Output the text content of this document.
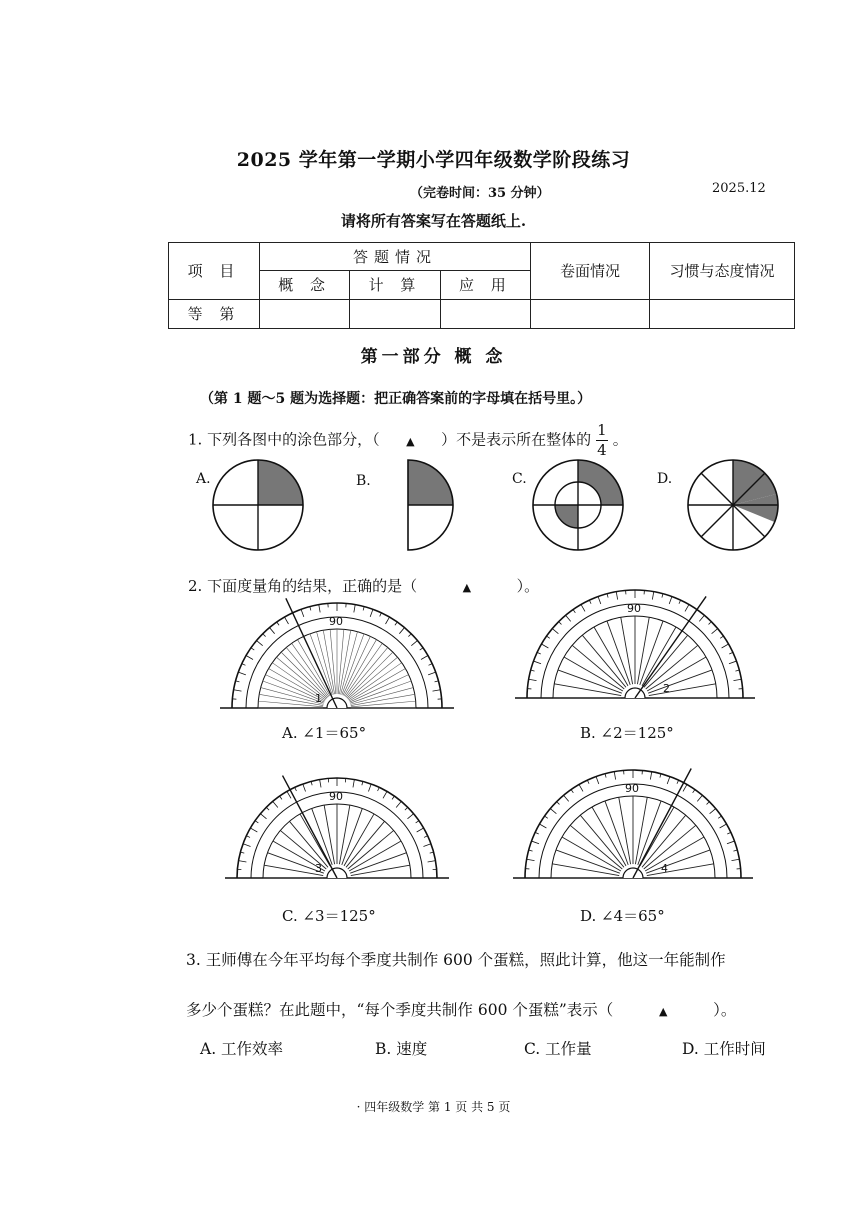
2025 学年第一学期小学四年级数学阶段练习
（完卷时间：35 分钟）	2025.12
请将所有答案写在答题纸上.
项 目	答题情况			卷面情况	习惯与态度情况
	概 念	计 算	应 用		
等 第					
第一部分 概 念
（第 1 题～5 题为选择题：把正确答案前的字母填在括号里。）
1. 下列各图中的涂色部分，（ ▲ ）不是表示所在整体的 $\frac{1}{4}$ 。
A.	B.	C.	D.
2. 下面度量角的结果，正确的是（	▲	）。
90
1
90
2
90
3
90
4
A. ∠1＝65°	B. ∠2＝125°
C. ∠3＝125°	D. ∠4＝65°
3. 王师傅在今年平均每个季度共制作 600 个蛋糕，照此计算，他这一年能制作
多少个蛋糕？在此题中，“每个季度共制作 600 个蛋糕”表示（	▲	）。
A. 工作效率	B. 速度	C. 工作量	D. 工作时间
· 四年级数学 第 1 页 共 5 页
